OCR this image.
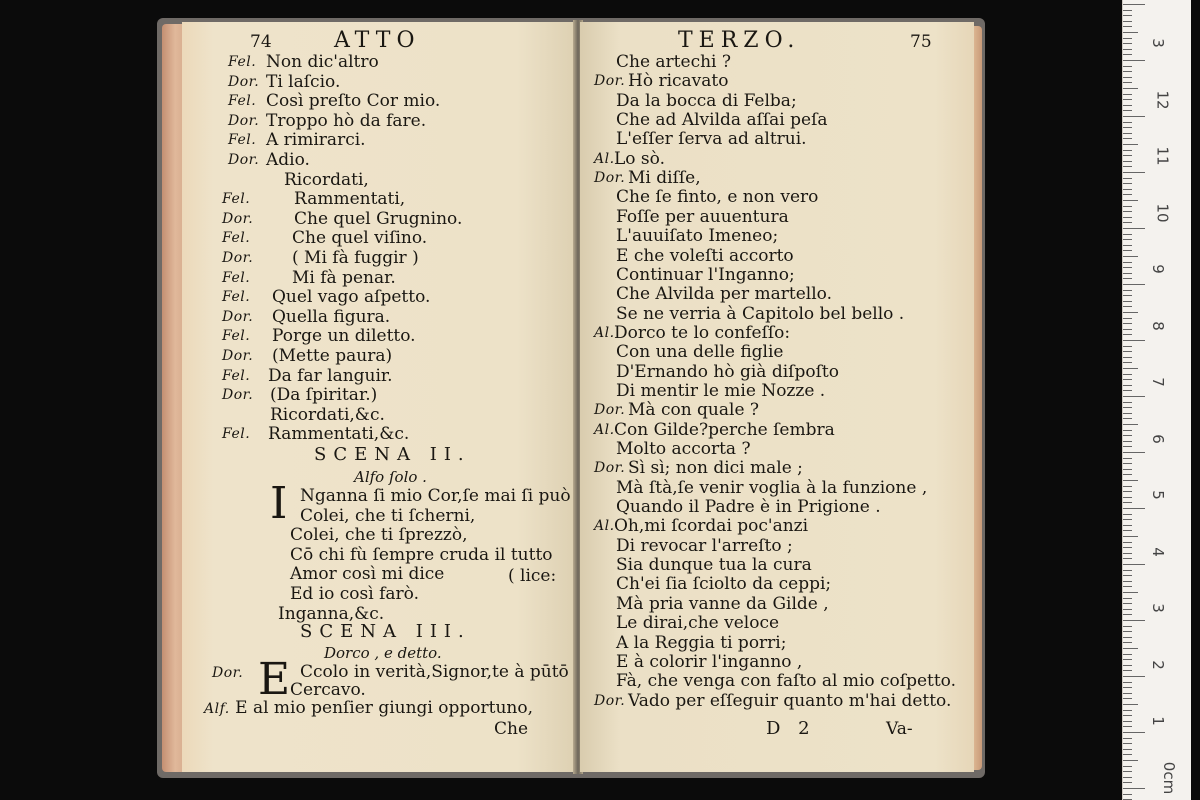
74	ATTO
Fel. Non dic'altro
Dor. Ti laſcio.
Fel. Così preſto Cor mio.
Dor. Troppo hò da fare.
Fel. A rimirarci.
Dor. Adio.
Ricordati,
Fel.	Rammentati,
Dor. Che quel Grugnino.
Fel. Che quel viſino.
Dor. ( Mi fà fuggir )
Fel. Mi fà penar.
Fel. Quel vago aſpetto.
Dor. Quella figura.
Fel. Porge un diletto.
Dor. (Mette paura)
Fel. Da far languir.
Dor. (Da ſpiritar.)
Ricordati,&c.
Fel. Rammentati,&c.
SCENA II.
Alfo ſolo .
I Nganna ſi mio Cor,ſe mai ſi può
Colei, che ti ſcherni,
Colei, che ti ſprezzò,
Cō chi fù ſempre cruda il tutto
Amor così mi dice
Ed io così farò.
Inganna,&c.
( lice:
SCENA III.
Dorco , e detto.
Dor. E Ccolo in verità,Signor,te à pūtō
Cercavo.
Alf. E al mio penſier giungi opportuno,
Che
TERZO.	75
Che artechi ?
Dor. Hò ricavato
Da la bocca di Felba;
Che ad Alvilda aſſai peſa
L'eſſer ſerva ad altrui.
Al. Lo sò.
Dor. Mi diſſe,
Che ſe finto, e non vero
Foſſe per auuentura
L'auuiſato Imeneo;
E che voleſti accorto
Continuar l'Inganno;
Che Alvilda per martello.
Se ne verria à Capitolo bel bello .
Al. Dorco te lo confeſſo:
Con una delle figlie
D'Ernando hò già diſpoſto
Di mentir le mie Nozze .
Dor. Mà con quale ?
Al. Con Gilde?perche ſembra
Molto accorta ?
Dor. Sì sì; non dici male ;
Mà ſtà,ſe venir voglia à la funzione ,
Quando il Padre è in Prigione .
Al. Oh,mi ſcordai poc'anzi
Di revocar l'arreſto ;
Sia dunque tua la cura
Ch'ei ſia ſciolto da ceppi;
Mà pria vanne da Gilde ,
Le dirai,che veloce
A la Reggia ti porri;
E à colorir l'inganno ,
Fà, che venga con faſto al mio coſpetto.
Dor. Vado per eſſeguir quanto m'hai detto.
D 2	Va-
3
12
11
10
9
8
7
6
5
4
3
2
1
0cm
